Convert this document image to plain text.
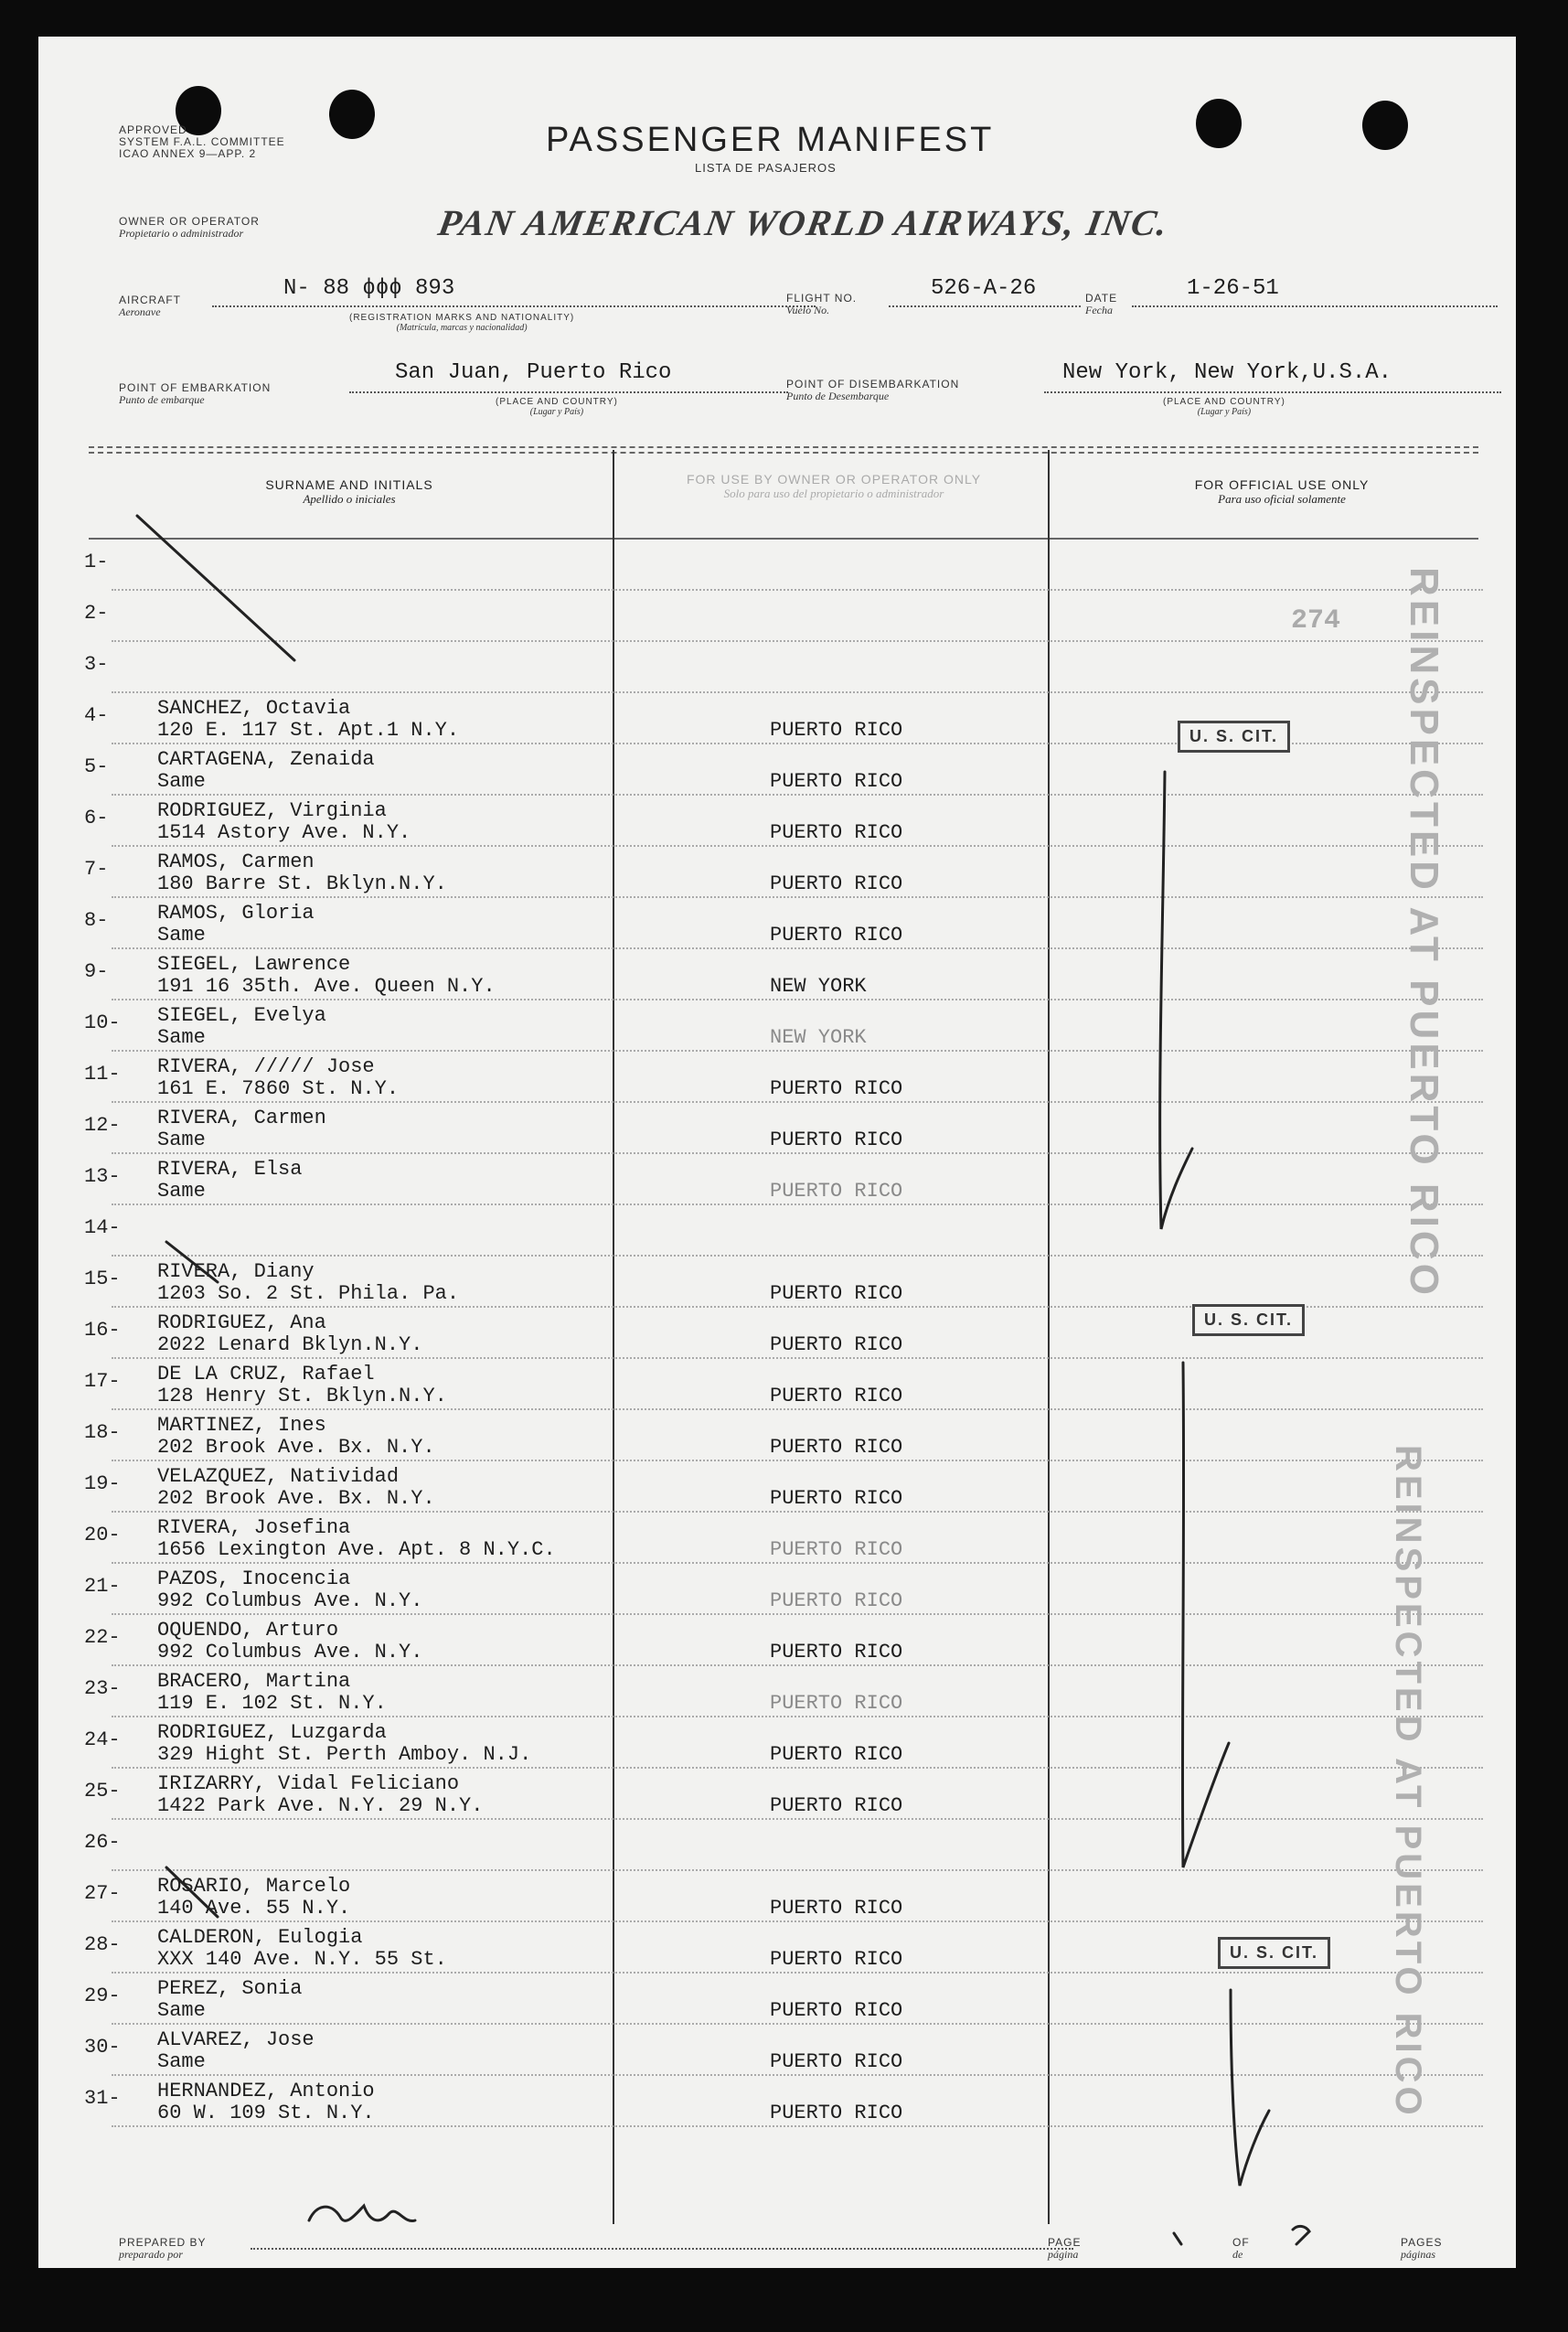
APPROVED
SYSTEM F.A.L. COMMITTEE
ICAO ANNEX 9—APP. 2	PASSENGER MANIFEST
LISTA DE PASAJEROS
OWNER OR OPERATOR
Propietario o administrador	PAN AMERICAN WORLD AIRWAYS, INC.
AIRCRAFT
Aeronave
N- 88 ɸɸɸ 893
(REGISTRATION MARKS AND NATIONALITY)
(Matrícula, marcas y nacionalidad)
FLIGHT NO.
Vuelo No.
526-A-26	DATE
Fecha
1-26-51
POINT OF EMBARKATION
Punto de embarque
San Juan, Puerto Rico
(PLACE AND COUNTRY)
(Lugar y País)
POINT OF DISEMBARKATION
Punto de Desembarque
New York, New York,U.S.A.
(PLACE AND COUNTRY)
(Lugar y País)
SURNAME AND INITIALS
Apellido o iniciales
FOR USE BY OWNER OR OPERATOR ONLY
Solo para uso del propietario o administrador
FOR OFFICIAL USE ONLY
Para uso oficial solamente
1-
2-
3-
4- SANCHEZ, Octavia
120 E. 117 St. Apt.1 N.Y.	PUERTO RICO
5- CARTAGENA, Zenaida
Same	PUERTO RICO
6- RODRIGUEZ, Virginia
1514 Astory Ave. N.Y.	PUERTO RICO
7- RAMOS, Carmen
180 Barre St. Bklyn.N.Y.	PUERTO RICO
8- RAMOS, Gloria
Same	PUERTO RICO
9- SIEGEL, Lawrence
191 16 35th. Ave. Queen N.Y.	NEW YORK
10- SIEGEL, Evelya
Same	NEW YORK
11- RIVERA, ///// Jose
161 E. 7860 St. N.Y.	PUERTO RICO
12- RIVERA, Carmen
Same	PUERTO RICO
13- RIVERA, Elsa
Same	PUERTO RICO
14-
15- RIVERA, Diany
1203 So. 2 St. Phila. Pa.	PUERTO RICO
16- RODRIGUEZ, Ana
2022 Lenard Bklyn.N.Y.	PUERTO RICO
17- DE LA CRUZ, Rafael
128 Henry St. Bklyn.N.Y.	PUERTO RICO
18- MARTINEZ, Ines
202 Brook Ave. Bx. N.Y.	PUERTO RICO
19- VELAZQUEZ, Natividad
202 Brook Ave. Bx. N.Y.	PUERTO RICO
20- RIVERA, Josefina
1656 Lexington Ave. Apt. 8 N.Y.C.	PUERTO RICO
21- PAZOS, Inocencia
992 Columbus Ave. N.Y.	PUERTO RICO
22- OQUENDO, Arturo
992 Columbus Ave. N.Y.	PUERTO RICO
23- BRACERO, Martina
119 E. 102 St. N.Y.	PUERTO RICO
24- RODRIGUEZ, Luzgarda
329 Hight St. Perth Amboy. N.J.	PUERTO RICO
25- IRIZARRY, Vidal Feliciano
1422 Park Ave. N.Y. 29 N.Y.	PUERTO RICO
26-
27- ROSARIO, Marcelo
140 Ave. 55 N.Y.	PUERTO RICO
28- CALDERON, Eulogia
XXX 140 Ave. N.Y. 55 St.	PUERTO RICO
29- PEREZ, Sonia
Same	PUERTO RICO
30- ALVAREZ, Jose
Same	PUERTO RICO
31- HERNANDEZ, Antonio
60 W. 109 St. N.Y.	PUERTO RICO
U. S. CIT.
U. S. CIT.
U. S. CIT.
274 REINSPECTED AT PUERTO RICO
REINSPECTED AT PUERTO RICO
PREPARED BY
preparado por
PAGE
página
OF
de
PAGES
páginas
